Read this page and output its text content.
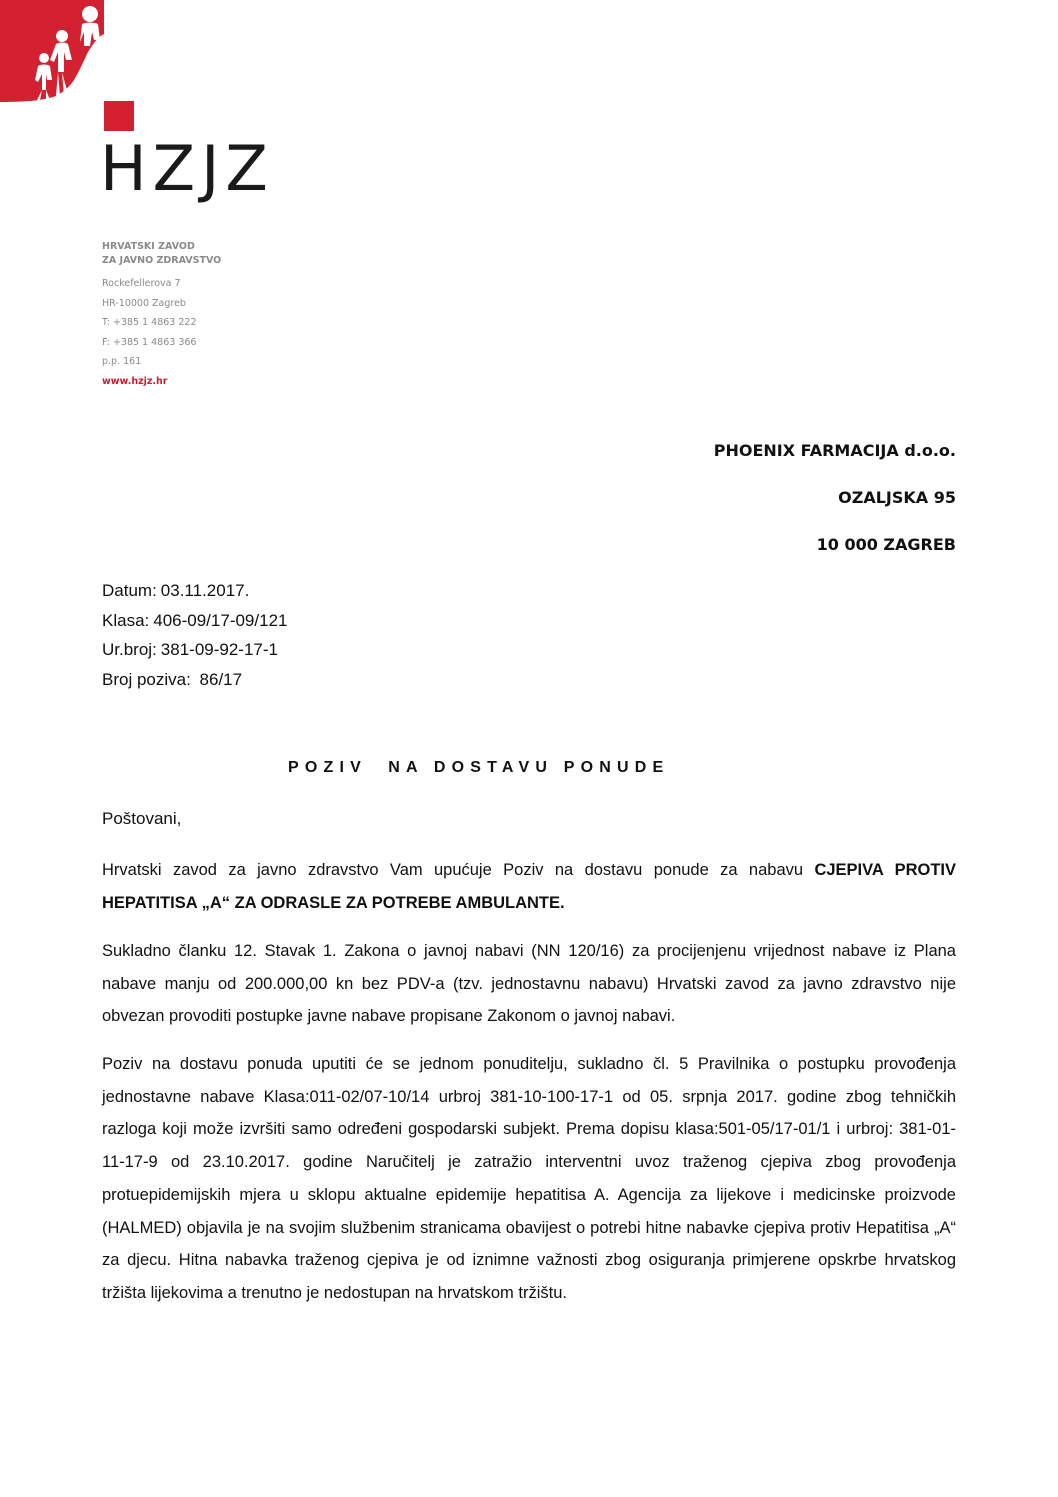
HZJZ
HRVATSKI ZAVOD
ZA JAVNO ZDRAVSTVO
Rockefellerova 7
HR-10000 Zagreb
T: +385 1 4863 222
F: +385 1 4863 366
p.p. 161
www.hzjz.hr
PHOENIX FARMACIJA d.o.o.
OZALJSKA 95
10 000 ZAGREB
Datum: 03.11.2017.
Klasa: 406-09/17-09/121
Ur.broj: 381-09-92-17-1
Broj poziva: 86/17
POZIV  NA DOSTAVU PONUDE
Poštovani,
Hrvatski zavod za javno zdravstvo Vam upućuje Poziv na dostavu ponude za nabavu CJEPIVA PROTIV HEPATITISA „A“ ZA ODRASLE ZA POTREBE AMBULANTE.
Sukladno članku 12. Stavak 1. Zakona o javnoj nabavi (NN 120/16) za procijenjenu vrijednost nabave iz Plana nabave manju od 200.000,00 kn bez PDV-a (tzv. jednostavnu nabavu) Hrvatski zavod za javno zdravstvo nije obvezan provoditi postupke javne nabave propisane Zakonom o javnoj nabavi.
Poziv na dostavu ponuda uputiti će se jednom ponuditelju, sukladno čl. 5 Pravilnika o postupku provođenja jednostavne nabave Klasa:011-02/07-10/14 urbroj 381-10-100-17-1 od 05. srpnja 2017. godine zbog tehničkih razloga koji može izvršiti samo određeni gospodarski subjekt. Prema dopisu klasa:501-05/17-01/1 i urbroj: 381-01-11-17-9 od 23.10.2017. godine Naručitelj je zatražio interventni uvoz traženog cjepiva zbog provođenja protuepidemijskih mjera u sklopu aktualne epidemije hepatitisa A. Agencija za lijekove i medicinske proizvode (HALMED) objavila je na svojim službenim stranicama obavijest o potrebi hitne nabavke cjepiva protiv Hepatitisa „A“ za djecu. Hitna nabavka traženog cjepiva je od iznimne važnosti zbog osiguranja primjerene opskrbe hrvatskog tržišta lijekovima a trenutno je nedostupan na hrvatskom tržištu.
